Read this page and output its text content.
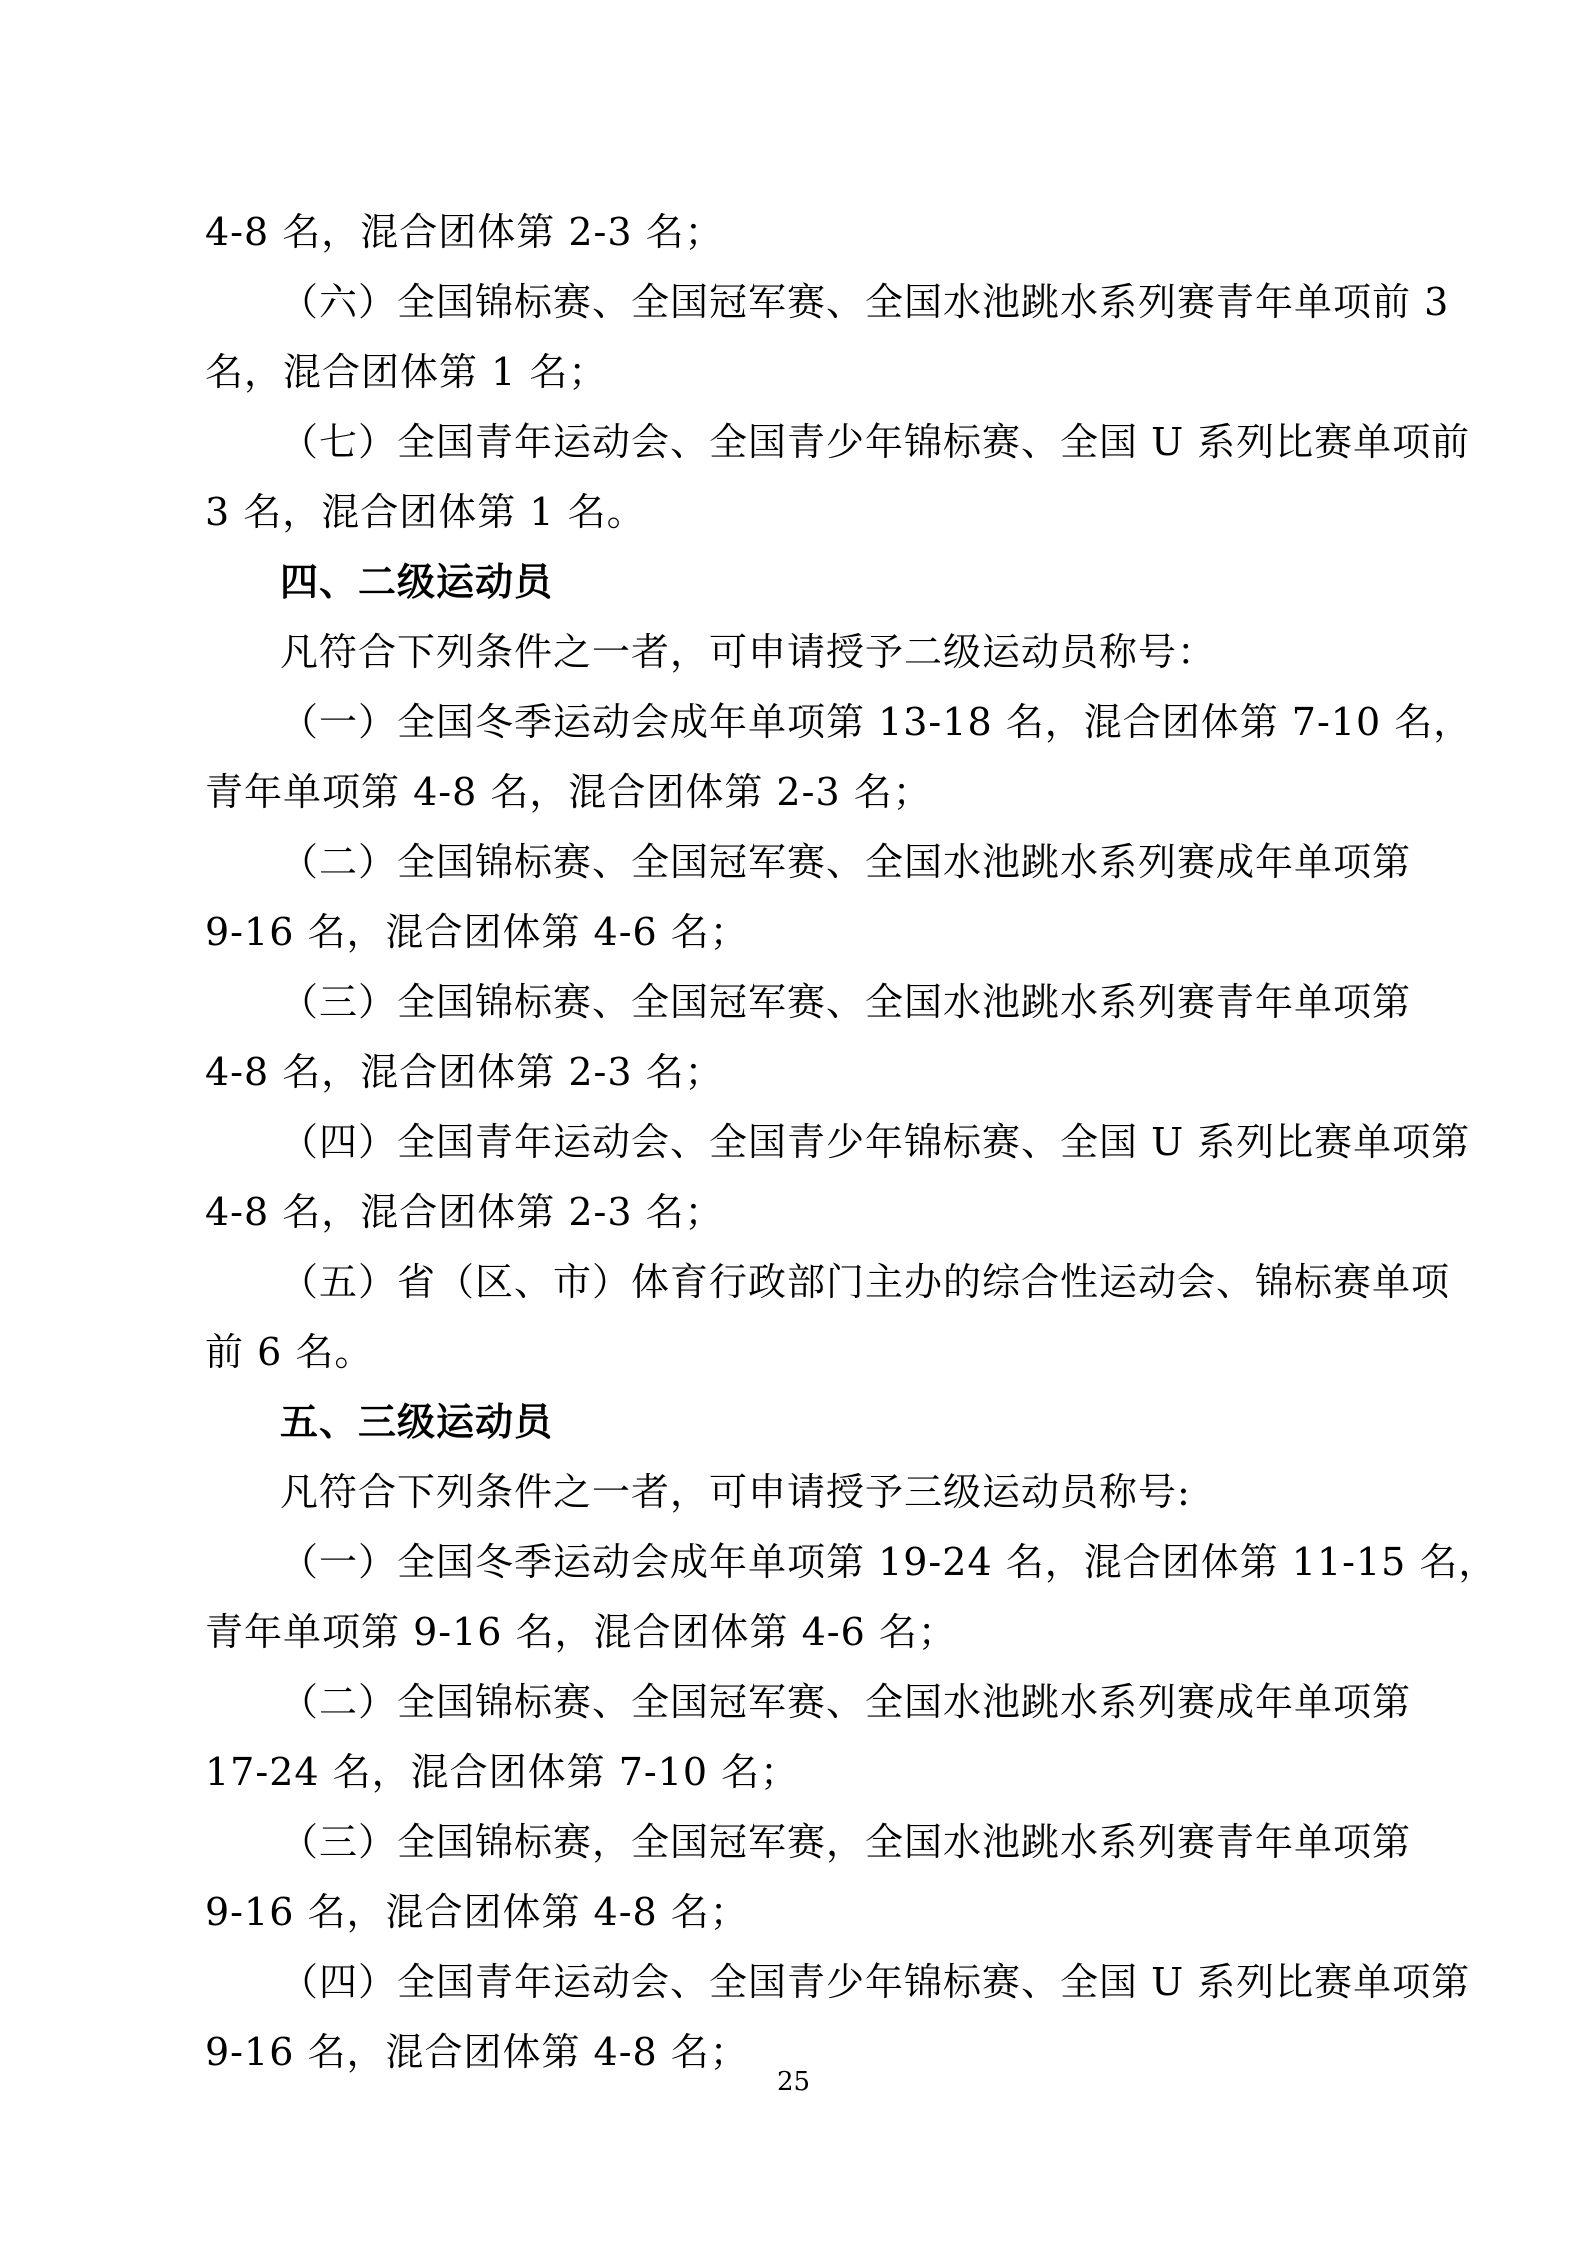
4-8 名，混合团体第 2-3 名；
（六）全国锦标赛、全国冠军赛、全国水池跳水系列赛青年单项前 3
名，混合团体第 1 名；
（七）全国青年运动会、全国青少年锦标赛、全国 U 系列比赛单项前
3 名，混合团体第 1 名。
四、二级运动员
凡符合下列条件之一者，可申请授予二级运动员称号：
（一）全国冬季运动会成年单项第 13-18 名，混合团体第 7-10 名，
青年单项第 4-8 名，混合团体第 2-3 名；
（二）全国锦标赛、全国冠军赛、全国水池跳水系列赛成年单项第
9-16 名，混合团体第 4-6 名；
（三）全国锦标赛、全国冠军赛、全国水池跳水系列赛青年单项第
4-8 名，混合团体第 2-3 名；
（四）全国青年运动会、全国青少年锦标赛、全国 U 系列比赛单项第
4-8 名，混合团体第 2-3 名；
（五）省（区、市）体育行政部门主办的综合性运动会、锦标赛单项
前 6 名。
五、三级运动员
凡符合下列条件之一者，可申请授予三级运动员称号:
（一）全国冬季运动会成年单项第 19-24 名，混合团体第 11-15 名，
青年单项第 9-16 名，混合团体第 4-6 名；
（二）全国锦标赛、全国冠军赛、全国水池跳水系列赛成年单项第
17-24 名，混合团体第 7-10 名；
（三）全国锦标赛，全国冠军赛，全国水池跳水系列赛青年单项第
9-16 名，混合团体第 4-8 名；
（四）全国青年运动会、全国青少年锦标赛、全国 U 系列比赛单项第
9-16 名，混合团体第 4-8 名；
25
